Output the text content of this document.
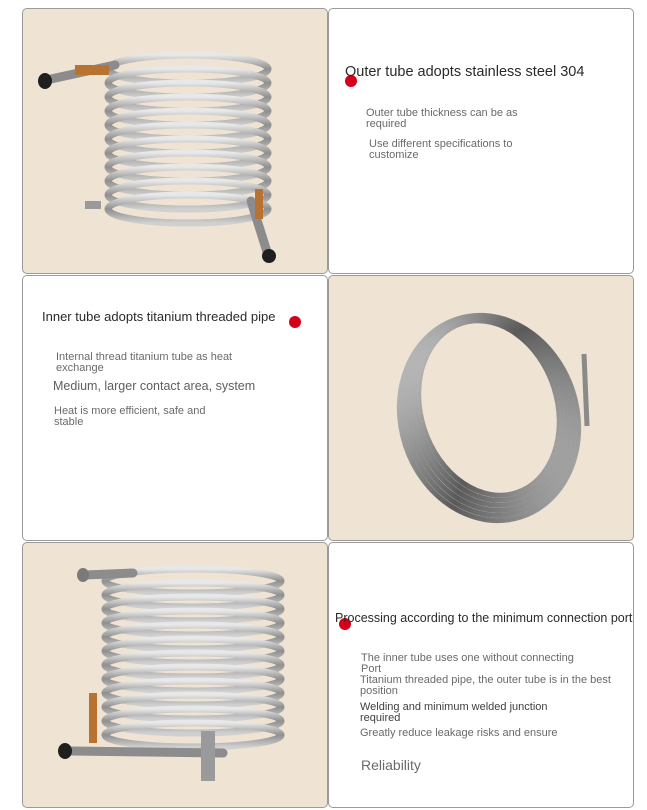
Outer tube adopts stainless steel 304
Outer tube thickness can be as
required
Use different specifications to
customize
Inner tube adopts titanium threaded pipe
Internal thread titanium tube as heat
exchange
Medium, larger contact area, system
Heat is more efficient, safe and
stable
Processing according to the minimum connection port
The inner tube uses one without connecting
Port
Titanium threaded pipe, the outer tube is in the best
position
Welding and minimum welded junction
required
Greatly reduce leakage risks and ensure
Reliability
